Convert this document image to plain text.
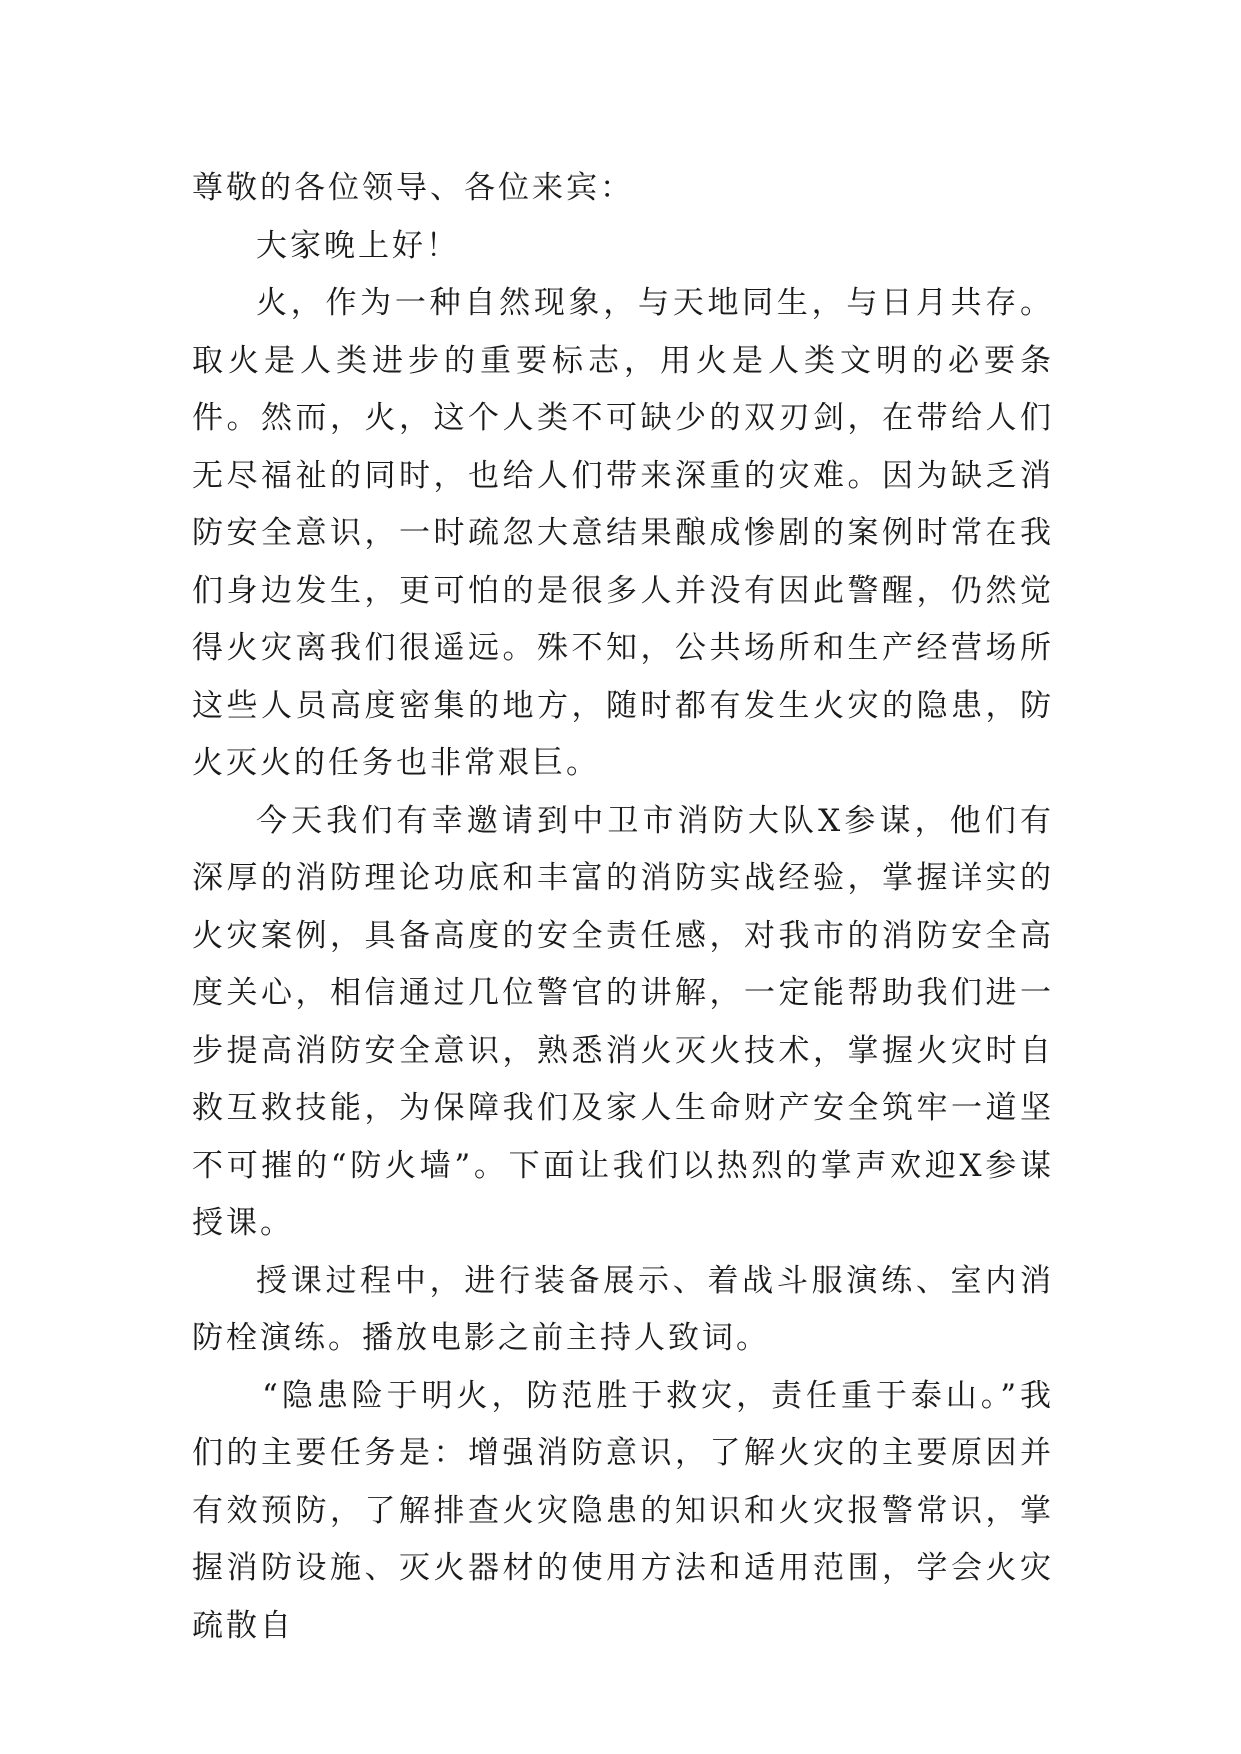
尊敬的各位领导、各位来宾：

大家晚上好！

火，作为一种自然现象，与天地同生，与日月共存。取火是人类进步的重要标志，用火是人类文明的必要条件。然而，火，这个人类不可缺少的双刃剑，在带给人们无尽福祉的同时，也给人们带来深重的灾难。因为缺乏消防安全意识，一时疏忽大意结果酿成惨剧的案例时常在我们身边发生，更可怕的是很多人并没有因此警醒，仍然觉得火灾离我们很遥远。殊不知，公共场所和生产经营场所这些人员高度密集的地方，随时都有发生火灾的隐患，防火灭火的任务也非常艰巨。

今天我们有幸邀请到中卫市消防大队X参谋，他们有深厚的消防理论功底和丰富的消防实战经验，掌握详实的火灾案例，具备高度的安全责任感，对我市的消防安全高度关心，相信通过几位警官的讲解，一定能帮助我们进一步提高消防安全意识，熟悉消火灭火技术，掌握火灾时自救互救技能，为保障我们及家人生命财产安全筑牢一道坚不可摧的“防火墙”。下面让我们以热烈的掌声欢迎X参谋授课。

授课过程中，进行装备展示、着战斗服演练、室内消防栓演练。播放电影之前主持人致词。

“隐患险于明火，防范胜于救灾，责任重于泰山。”我们的主要任务是：增强消防意识，了解火灾的主要原因并有效预防，了解排查火灾隐患的知识和火灾报警常识，掌握消防设施、灭火器材的使用方法和适用范围，学会火灾疏散自
